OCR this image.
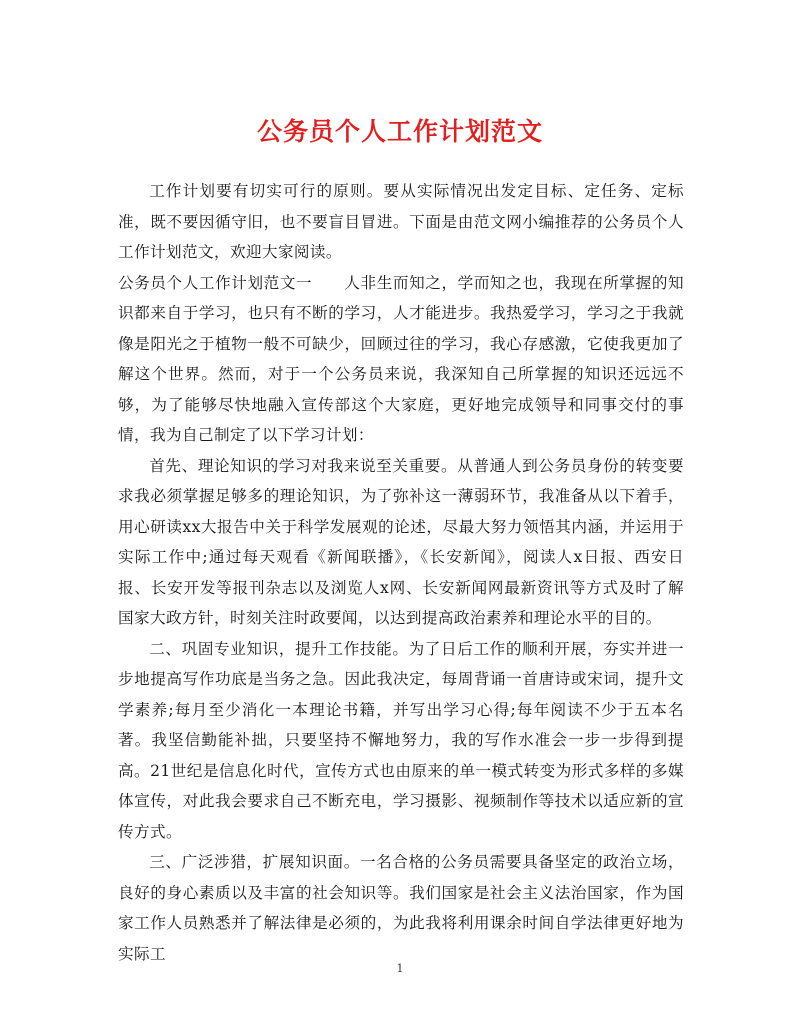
公务员个人工作计划范文

工作计划要有切实可行的原则。要从实际情况出发定目标、定任务、定标准，既不要因循守旧，也不要盲目冒进。下面是由范文网小编推荐的公务员个人工作计划范文，欢迎大家阅读。

公务员个人工作计划范文一 人非生而知之，学而知之也，我现在所掌握的知识都来自于学习，也只有不断的学习，人才能进步。我热爱学习，学习之于我就像是阳光之于植物一般不可缺少，回顾过往的学习，我心存感激，它使我更加了解这个世界。然而，对于一个公务员来说，我深知自己所掌握的知识还远远不够，为了能够尽快地融入宣传部这个大家庭，更好地完成领导和同事交付的事情，我为自己制定了以下学习计划：

首先、理论知识的学习对我来说至关重要。从普通人到公务员身份的转变要求我必须掌握足够多的理论知识，为了弥补这一薄弱环节，我准备从以下着手，用心研读xx大报告中关于科学发展观的论述，尽最大努力领悟其内涵，并运用于实际工作中;通过每天观看《新闻联播》，《长安新闻》，阅读人x日报、西安日报、长安开发等报刊杂志以及浏览人x网、长安新闻网最新资讯等方式及时了解国家大政方针，时刻关注时政要闻，以达到提高政治素养和理论水平的目的。

二、巩固专业知识，提升工作技能。为了日后工作的顺利开展，夯实并进一步地提高写作功底是当务之急。因此我决定，每周背诵一首唐诗或宋词，提升文学素养;每月至少消化一本理论书籍，并写出学习心得;每年阅读不少于五本名著。我坚信勤能补拙，只要坚持不懈地努力，我的写作水准会一步一步得到提高。21世纪是信息化时代，宣传方式也由原来的单一模式转变为形式多样的多媒体宣传，对此我会要求自己不断充电，学习摄影、视频制作等技术以适应新的宣传方式。

三、广泛涉猎，扩展知识面。一名合格的公务员需要具备坚定的政治立场，良好的身心素质以及丰富的社会知识等。我们国家是社会主义法治国家，作为国家工作人员熟悉并了解法律是必须的，为此我将利用课余时间自学法律更好地为实际工

1
